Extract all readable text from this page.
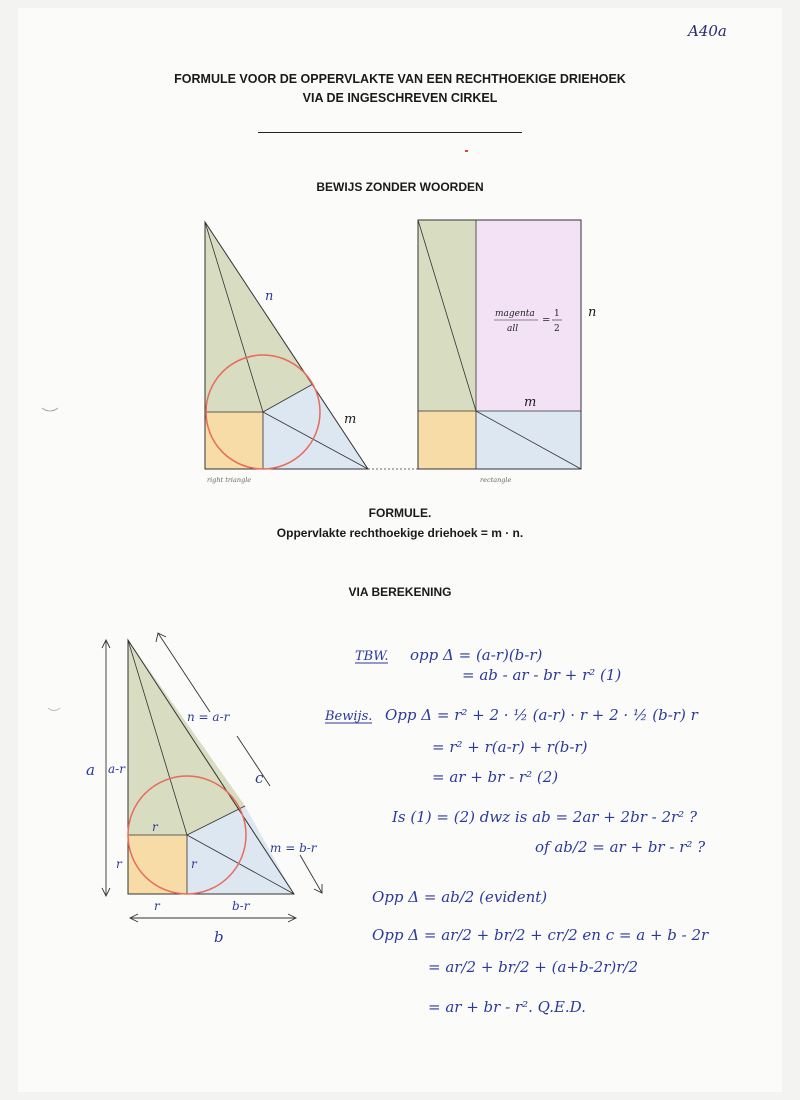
A40a
FORMULE VOOR DE OPPERVLAKTE VAN EEN RECHTHOEKIGE DRIEHOEK
VIA DE INGESCHREVEN CIRKEL
BEWIJS ZONDER WOORDEN
n
m
right triangle
magenta
all
=
1
2
n
m
rectangle
FORMULE.
Oppervlakte rechthoekige driehoek = m · n.
VIA BEREKENING
a a-r
r
r
r
r	b-r
b
n = a-r
c
m = b-r
TBW. opp Δ = (a-r)(b-r)
= ab - ar - br + r² (1)
Bewijs. Opp Δ = r² + 2 · ½ (a-r) · r + 2 · ½ (b-r) r
= r² + r(a-r) + r(b-r)
= ar + br - r² (2)
Is (1) = (2) dwz is ab = 2ar + 2br - 2r² ?
of ab/2 = ar + br - r² ?
Opp Δ = ab/2 (evident)
Opp Δ = ar/2 + br/2 + cr/2 en c = a + b - 2r
= ar/2 + br/2 + (a+b-2r)r/2
= ar + br - r². Q.E.D.
